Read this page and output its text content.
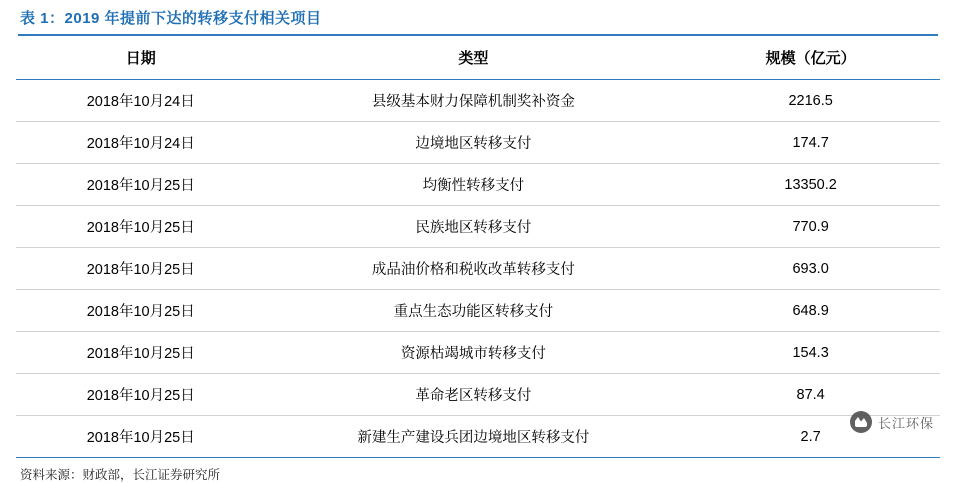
表 1：2019 年提前下达的转移支付相关项目
日期	类型	规模（亿元）
2018年10月24日	县级基本财力保障机制奖补资金	2216.5
2018年10月24日	边境地区转移支付	174.7
2018年10月25日	均衡性转移支付	13350.2
2018年10月25日	民族地区转移支付	770.9
2018年10月25日	成品油价格和税收改革转移支付	693.0
2018年10月25日	重点生态功能区转移支付	648.9
2018年10月25日	资源枯竭城市转移支付	154.3
2018年10月25日	革命老区转移支付	87.4
2018年10月25日	新建生产建设兵团边境地区转移支付	2.7
资料来源：财政部，长江证券研究所
长江环保
